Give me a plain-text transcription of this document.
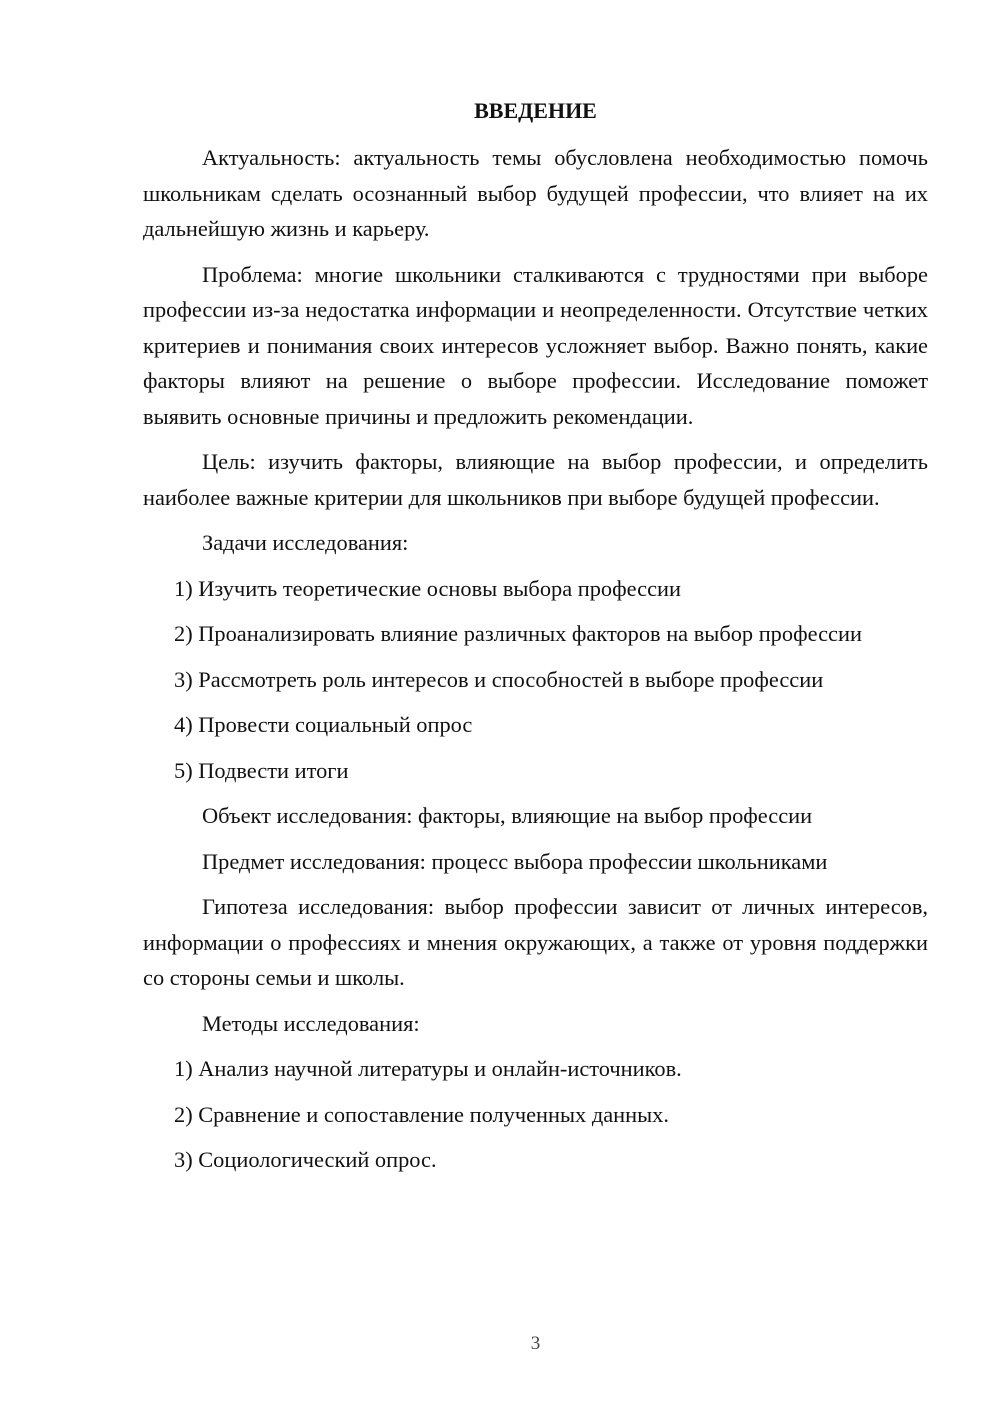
ВВЕДЕНИЕ

Актуальность: актуальность темы обусловлена необходимостью помочь школьникам сделать осознанный выбор будущей профессии, что влияет на их дальнейшую жизнь и карьеру.

Проблема: многие школьники сталкиваются с трудностями при выборе профессии из-за недостатка информации и неопределенности. Отсутствие четких критериев и понимания своих интересов усложняет выбор. Важно понять, какие факторы влияют на решение о выборе профессии. Исследование поможет выявить основные причины и предложить рекомендации.

Цель: изучить факторы, влияющие на выбор профессии, и определить наиболее важные критерии для школьников при выборе будущей профессии.

Задачи исследования:

1) Изучить теоретические основы выбора профессии

2) Проанализировать влияние различных факторов на выбор профессии

3) Рассмотреть роль интересов и способностей в выборе профессии

4) Провести социальный опрос

5) Подвести итоги

Объект исследования: факторы, влияющие на выбор профессии

Предмет исследования: процесс выбора профессии школьниками

Гипотеза исследования: выбор профессии зависит от личных интересов, информации о профессиях и мнения окружающих, а также от уровня поддержки со стороны семьи и школы.

Методы исследования:

1) Анализ научной литературы и онлайн-источников.

2) Сравнение и сопоставление полученных данных.

3) Социологический опрос.

3
